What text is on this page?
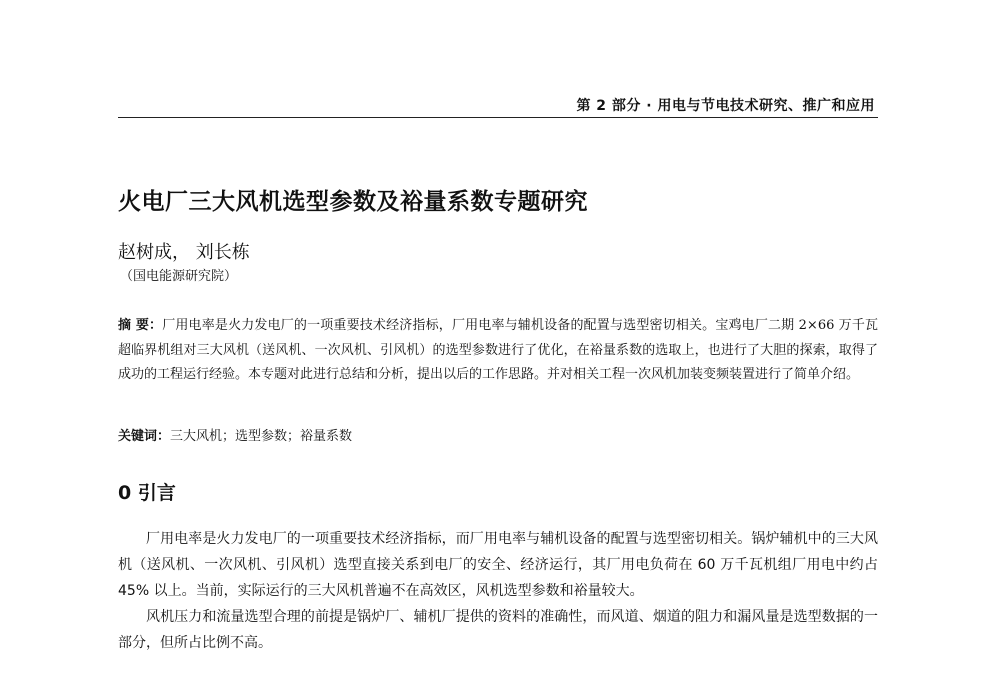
第 2 部分 · 用电与节电技术研究、推广和应用
火电厂三大风机选型参数及裕量系数专题研究
赵树成， 刘长栋
（国电能源研究院）
摘 要：厂用电率是火力发电厂的一项重要技术经济指标，厂用电率与辅机设备的配置与选型密切相关。宝鸡电厂二期 2×66 万千瓦超临界机组对三大风机（送风机、一次风机、引风机）的选型参数进行了优化，在裕量系数的选取上，也进行了大胆的探索，取得了成功的工程运行经验。本专题对此进行总结和分析，提出以后的工作思路。并对相关工程一次风机加装变频装置进行了简单介绍。
关键词：三大风机；选型参数；裕量系数
0 引言

厂用电率是火力发电厂的一项重要技术经济指标，而厂用电率与辅机设备的配置与选型密切相关。锅炉辅机中的三大风机（送风机、一次风机、引风机）选型直接关系到电厂的安全、经济运行，其厂用电负荷在 60 万千瓦机组厂用电中约占 45% 以上。当前，实际运行的三大风机普遍不在高效区，风机选型参数和裕量较大。

风机压力和流量选型合理的前提是锅炉厂、辅机厂提供的资料的准确性，而风道、烟道的阻力和漏风量是选型数据的一部分，但所占比例不高。
